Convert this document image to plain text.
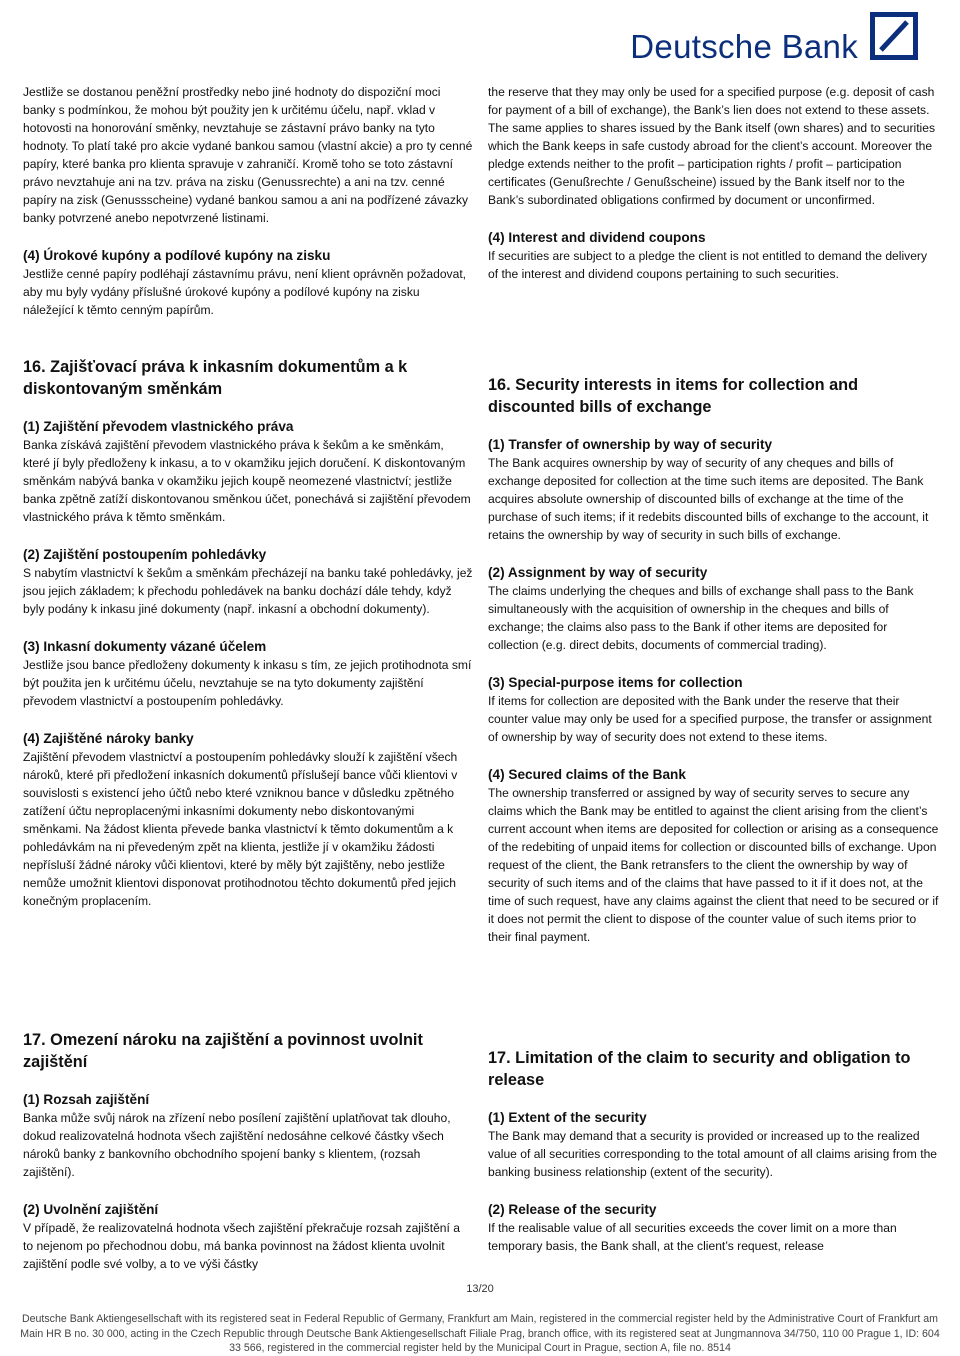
Deutsche Bank

Jestliže se dostanou peněžní prostředky nebo jiné hodnoty do dispoziční moci banky s podmínkou, že mohou být použity jen k určitému účelu, např. vklad v hotovosti na honorování směnky, nevztahuje se zástavní právo banky na tyto hodnoty. To platí také pro akcie vydané bankou samou (vlastní akcie) a pro ty cenné papíry, které banka pro klienta spravuje v zahraničí. Kromě toho se toto zástavní právo nevztahuje ani na tzv. práva na zisku (Genussrechte) a ani na tzv. cenné papíry na zisk (Genussscheine) vydané bankou samou a ani na podřízené závazky banky potvrzené anebo nepotvrzené listinami.

(4) Úrokové kupóny a podílové kupóny na zisku

Jestliže cenné papíry podléhají zástavnímu právu, není klient oprávněn požadovat, aby mu byly vydány příslušné úrokové kupóny a podílové kupóny na zisku náležející k těmto cenným papírům.

the reserve that they may only be used for a specified purpose (e.g. deposit of cash for payment of a bill of exchange), the Bank’s lien does not extend to these assets. The same applies to shares issued by the Bank itself (own shares) and to securities which the Bank keeps in safe custody abroad for the client’s account. Moreover the pledge extends neither to the profit – participation rights / profit – participation certificates (Genußrechte / Genußscheine) issued by the Bank itself nor to the Bank’s subordinated obligations confirmed by document or unconfirmed.

(4) Interest and dividend coupons

If securities are subject to a pledge the client is not entitled to demand the delivery of the interest and dividend coupons pertaining to such securities.

16. Zajišťovací práva k inkasním dokumentům a k diskontovaným směnkám

(1) Zajištění převodem vlastnického práva

Banka získává zajištění převodem vlastnického práva k šekům a ke směnkám, které jí byly předloženy k inkasu, a to v okamžiku jejich doručení. K diskontovaným směnkám nabývá banka v okamžiku jejich koupě neomezené vlastnictví; jestliže banka zpětně zatíží diskontovanou směnkou účet, ponechává si zajištění převodem vlastnického práva k těmto směnkám.

(2) Zajištění postoupením pohledávky

S nabytím vlastnictví k šekům a směnkám přecházejí na banku také pohledávky, jež jsou jejich základem; k přechodu pohledávek na banku dochází dále tehdy, když byly podány k inkasu jiné dokumenty (např. inkasní a obchodní dokumenty).

(3) Inkasní dokumenty vázané účelem

Jestliže jsou bance předloženy dokumenty k inkasu s tím, ze jejich protihodnota smí být použita jen k určitému účelu, nevztahuje se na tyto dokumenty zajištění převodem vlastnictví a postoupením pohledávky.

(4) Zajištěné nároky banky

Zajištění převodem vlastnictví a postoupením pohledávky slouží k zajištění všech nároků, které při předložení inkasních dokumentů příslušejí bance vůči klientovi v souvislosti s existencí jeho účtů nebo které vzniknou bance v důsledku zpětného zatížení účtu neproplacenými inkasními dokumenty nebo diskontovanými směnkami. Na žádost klienta převede banka vlastnictví k těmto dokumentům a k pohledávkám na ni převedeným zpět na klienta, jestliže jí v okamžiku žádosti nepřísluší žádné nároky vůči klientovi, které by měly být zajištěny, nebo jestliže nemůže umožnit klientovi disponovat protihodnotou těchto dokumentů před jejich konečným proplacením.

16. Security interests in items for collection and discounted bills of exchange

(1) Transfer of ownership by way of security

The Bank acquires ownership by way of security of any cheques and bills of exchange deposited for collection at the time such items are deposited. The Bank acquires absolute ownership of discounted bills of exchange at the time of the purchase of such items; if it redebits discounted bills of exchange to the account, it retains the ownership by way of security in such bills of exchange.

(2) Assignment by way of security

The claims underlying the cheques and bills of exchange shall pass to the Bank simultaneously with the acquisition of ownership in the cheques and bills of exchange; the claims also pass to the Bank if other items are deposited for collection (e.g. direct debits, documents of commercial trading).

(3) Special-purpose items for collection

If items for collection are deposited with the Bank under the reserve that their counter value may only be used for a specified purpose, the transfer or assignment of ownership by way of security does not extend to these items.

(4) Secured claims of the Bank

The ownership transferred or assigned by way of security serves to secure any claims which the Bank may be entitled to against the client arising from the client’s current account when items are deposited for collection or arising as a consequence of the redebiting of unpaid items for collection or discounted bills of exchange. Upon request of the client, the Bank retransfers to the client the ownership by way of security of such items and of the claims that have passed to it if it does not, at the time of such request, have any claims against the client that need to be secured or if it does not permit the client to dispose of the counter value of such items prior to their final payment.

17. Omezení nároku na zajištění a povinnost uvolnit zajištění

(1) Rozsah zajištění

Banka může svůj nárok na zřízení nebo posílení zajištění uplatňovat tak dlouho, dokud realizovatelná hodnota všech zajištění nedosáhne celkové částky všech nároků banky z bankovního obchodního spojení banky s klientem, (rozsah zajištění).

(2) Uvolnění zajištění

V případě, že realizovatelná hodnota všech zajištění překračuje rozsah zajištění a to nejenom po přechodnou dobu, má banka povinnost na žádost klienta uvolnit zajištění podle své volby, a to ve výši částky

17. Limitation of the claim to security and obligation to release

(1) Extent of the security

The Bank may demand that a security is provided or increased up to the realized value of all securities corresponding to the total amount of all claims arising from the banking business relationship (extent of the security).

(2) Release of the security

If the realisable value of all securities exceeds the cover limit on a more than temporary basis, the Bank shall, at the client’s request, release

13/20
Deutsche Bank Aktiengesellschaft with its registered seat in Federal Republic of Germany, Frankfurt am Main, registered in the commercial register held by the Administrative Court of Frankfurt am Main HR B no. 30 000, acting in the Czech Republic through Deutsche Bank Aktiengesellschaft Filiale Prag, branch office, with its registered seat at Jungmannova 34/750, 110 00 Prague 1, ID: 604 33 566, registered in the commercial register held by the Municipal Court in Prague, section A, file no. 8514
